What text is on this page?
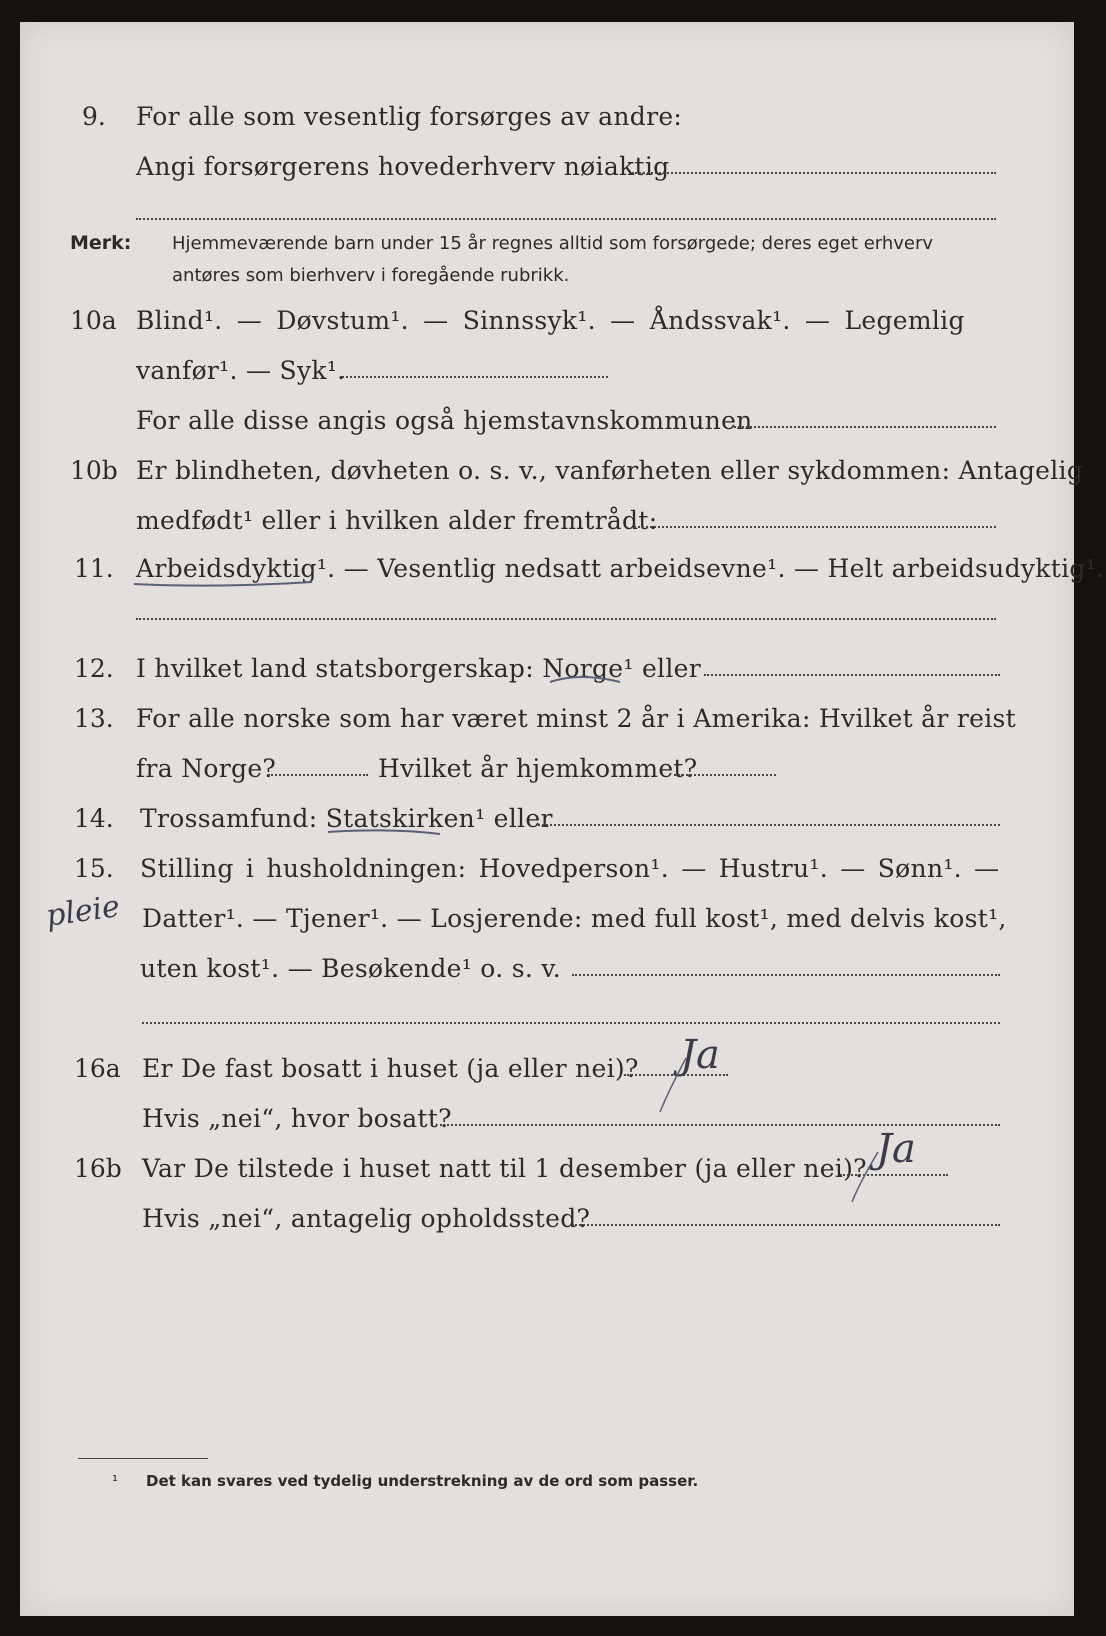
9. For alle som vesentlig forsørges av andre:
Angi forsørgerens hovederhverv nøiaktig
Merk: Hjemmeværende barn under 15 år regnes alltid som forsørgede; deres eget erhverv
antøres som bierhverv i foregående rubrikk.
10a Blind¹. — Døvstum¹. — Sinnssyk¹. — Åndssvak¹. — Legemlig
vanfør¹. — Syk¹.
For alle disse angis også hjemstavnskommunen
10b Er blindheten, døvheten o. s. v., vanførheten eller sykdommen: Antagelig
medfødt¹ eller i hvilken alder fremtrådt:
11. Arbeidsdyktig¹. — Vesentlig nedsatt arbeidsevne¹. — Helt arbeidsudyktig¹.
12. I hvilket land statsborgerskap: Norge¹ eller
13. For alle norske som har været minst 2 år i Amerika: Hvilket år reist
fra Norge?	Hvilket år hjemkommet?
14. Trossamfund: Statskirken¹ eller
15. Stilling i husholdningen: Hovedperson¹. — Hustru¹. — Sønn¹. —
pleie Datter¹. — Tjener¹. — Losjerende: med full kost¹, med delvis kost¹,
uten kost¹. — Besøkende¹ o. s. v.
16a Er De fast bosatt i huset (ja eller nei)? Ja
Hvis „nei“, hvor bosatt?
16b Var De tilstede i huset natt til 1 desember (ja eller nei)? Ja
Hvis „nei“, antagelig opholdssted?
¹ Det kan svares ved tydelig understrekning av de ord som passer.
